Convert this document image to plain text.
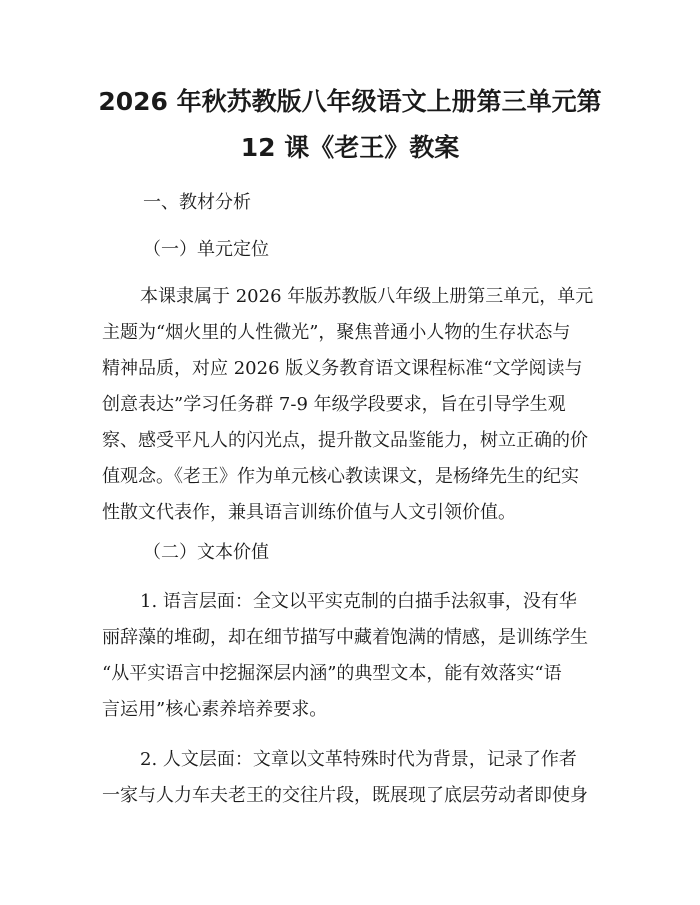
2026 年秋苏教版八年级语文上册第三单元第
12 课《老王》教案
一、教材分析
（一）单元定位
本课隶属于 2026 年版苏教版八年级上册第三单元，单元
主题为“烟火里的人性微光”，聚焦普通小人物的生存状态与
精神品质，对应 2026 版义务教育语文课程标准“文学阅读与
创意表达”学习任务群 7-9 年级学段要求，旨在引导学生观
察、感受平凡人的闪光点，提升散文品鉴能力，树立正确的价
值观念。《老王》作为单元核心教读课文，是杨绛先生的纪实
性散文代表作，兼具语言训练价值与人文引领价值。
（二）文本价值
1. 语言层面：全文以平实克制的白描手法叙事，没有华
丽辞藻的堆砌，却在细节描写中藏着饱满的情感，是训练学生
“从平实语言中挖掘深层内涵”的典型文本，能有效落实“语
言运用”核心素养培养要求。
2. 人文层面：文章以文革特殊时代为背景，记录了作者
一家与人力车夫老王的交往片段，既展现了底层劳动者即使身
